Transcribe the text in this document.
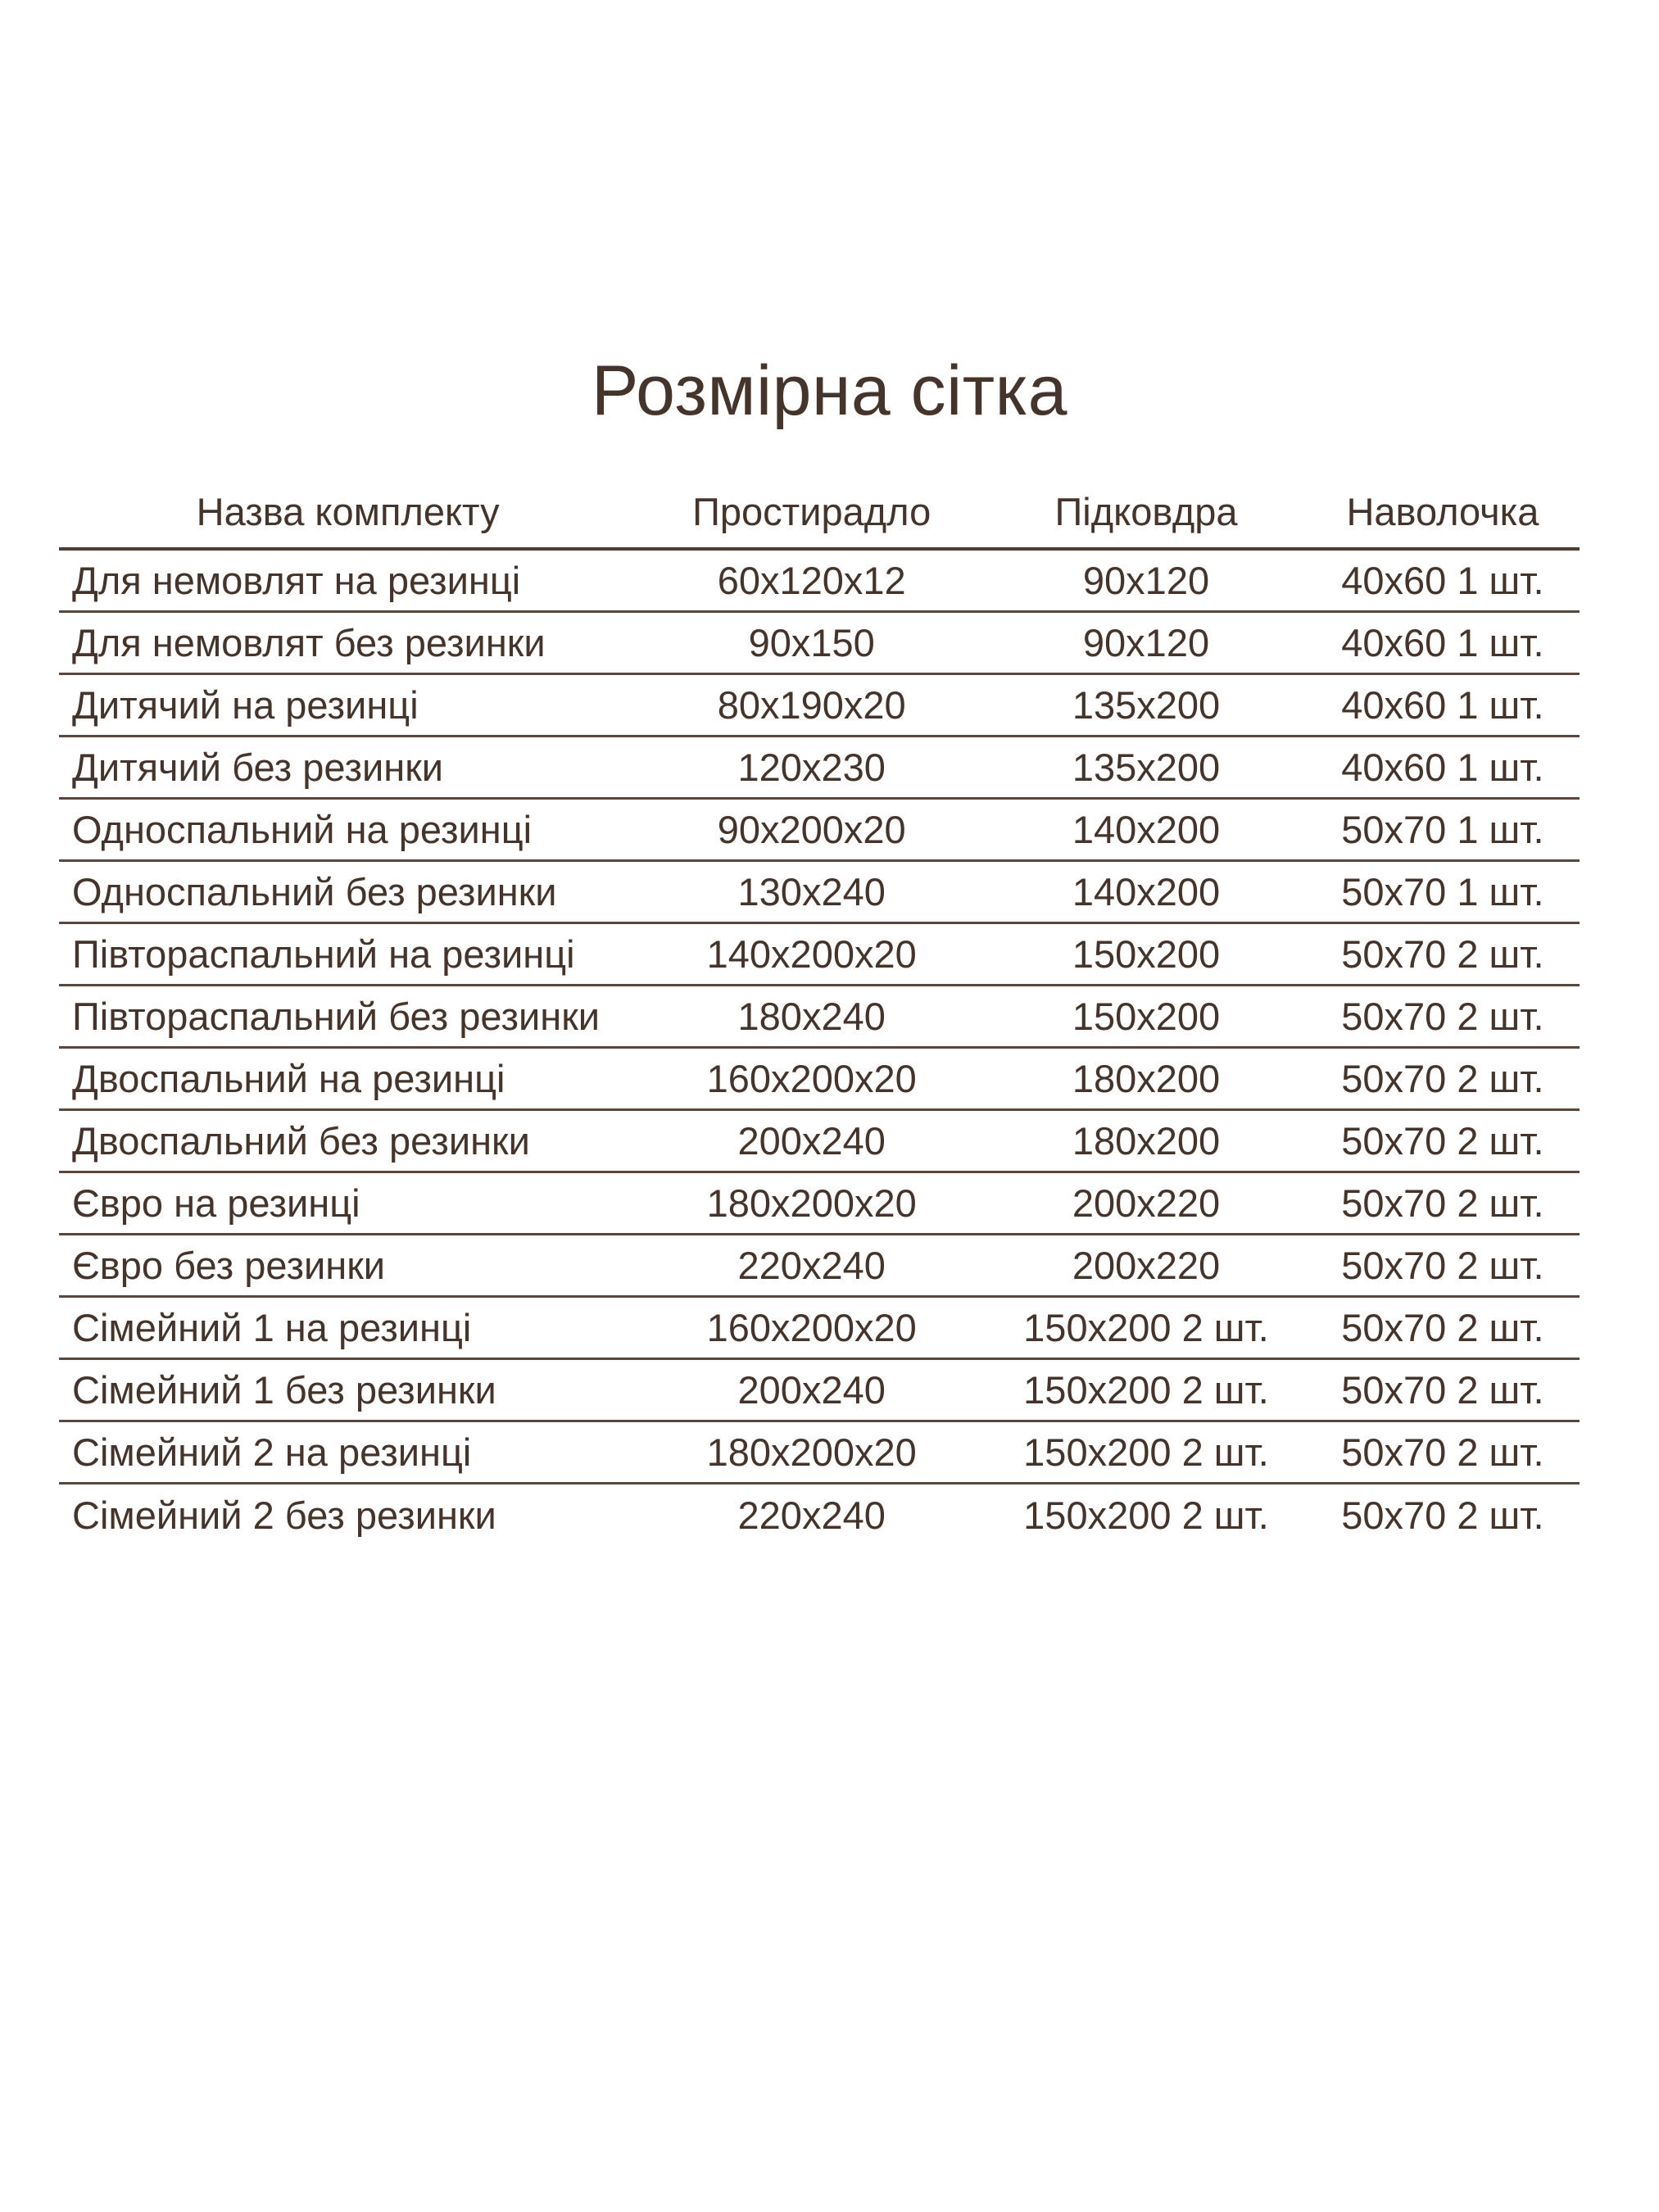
Розмірна сітка
Назва комплекту	Простирадло	Підковдра	Наволочка
Для немовлят на резинці	60х120х12	90х120	40х60 1 шт.
Для немовлят без резинки	90х150	90х120	40х60 1 шт.
Дитячий на резинці	80х190х20	135х200	40х60 1 шт.
Дитячий без резинки	120х230	135х200	40х60 1 шт.
Односпальний на резинці	90х200х20	140х200	50х70 1 шт.
Односпальний без резинки	130х240	140х200	50х70 1 шт.
Півтораспальний на резинці	140х200х20	150х200	50х70 2 шт.
Півтораспальний без резинки	180х240	150х200	50х70 2 шт.
Двоспальний на резинці	160х200х20	180х200	50х70 2 шт.
Двоспальний без резинки	200х240	180х200	50х70 2 шт.
Євро на резинці	180х200х20	200х220	50х70 2 шт.
Євро без резинки	220х240	200х220	50х70 2 шт.
Сімейний 1 на резинці	160х200х20	150х200 2 шт.	50х70 2 шт.
Сімейний 1 без резинки	200х240	150х200 2 шт.	50х70 2 шт.
Сімейний 2 на резинці	180х200х20	150х200 2 шт.	50х70 2 шт.
Сімейний 2 без резинки	220х240	150х200 2 шт.	50х70 2 шт.
